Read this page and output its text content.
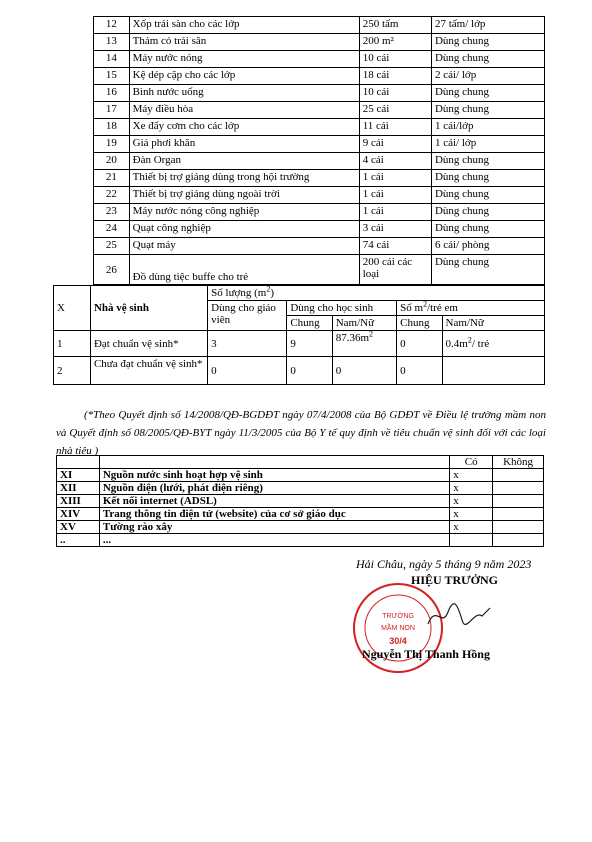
12	Xốp trải sàn cho các lớp	250 tấm	27 tấm/ lớp
13	Thảm cỏ trải sân	200 m²	Dùng chung
14	Máy nước nóng	10 cái	Dùng chung
15	Kệ dép cặp cho các lớp	18 cái	2 cái/ lớp
16	Bình nước uống	10 cái	Dùng chung
17	Máy điều hòa	25 cái	Dùng chung
18	Xe đẩy cơm cho các lớp	11 cái	1 cái/lớp
19	Giá phơi khăn	9 cái	1 cái/ lớp
20	Đàn Organ	4 cái	Dùng chung
21	Thiết bị trợ giảng dùng trong hội trường	1 cái	Dùng chung
22	Thiết bị trợ giảng dùng ngoài trời	1 cái	Dùng chung
23	Máy nước nóng công nghiệp	1 cái	Dùng chung
24	Quạt công nghiệp	3 cái	Dùng chung
25	Quạt máy	74 cái	6 cái/ phòng
26	Đồ dùng tiệc buffe cho trẻ	200 cái các loại	Dùng chung
X	Nhà vệ sinh	Số lượng $(m^2)$				
		Dùng cho giáo viên	Dùng cho học sinh		Số $m^2$/trẻ em	
			Chung	Nam/Nữ	Chung	Nam/Nữ
1	Đạt chuẩn vệ sinh*	3	9	$87.36m^2$	0	$0.4m^2/$ trẻ
2	Chưa đạt chuẩn vệ sinh*	0	0	0	0	
(*Theo Quyết định số 14/2008/QĐ-BGDĐT ngày 07/4/2008 của Bộ GDĐT về Điều lệ trường mầm non và Quyết định số 08/2005/QĐ-BYT ngày 11/3/2005 của Bộ Y tế quy định về tiêu chuẩn vệ sinh đối với các loại nhà tiêu )
		Có	Không
XI	Nguồn nước sinh hoạt hợp vệ sinh	x	
XII	Nguồn điện (lưới, phát điện riêng)	x	
XIII	Kết nối internet (ADSL)	x	
XIV	Trang thông tin điện tử (website) của cơ sở giáo dục	x	
XV	Tường rào xây	x	
..	...		
Hải Châu, ngày 5 tháng 9 năm 2023
HIỆU TRƯỞNG
TRƯỜNG
MẦM NON
30/4
Nguyễn Thị Thanh Hồng
